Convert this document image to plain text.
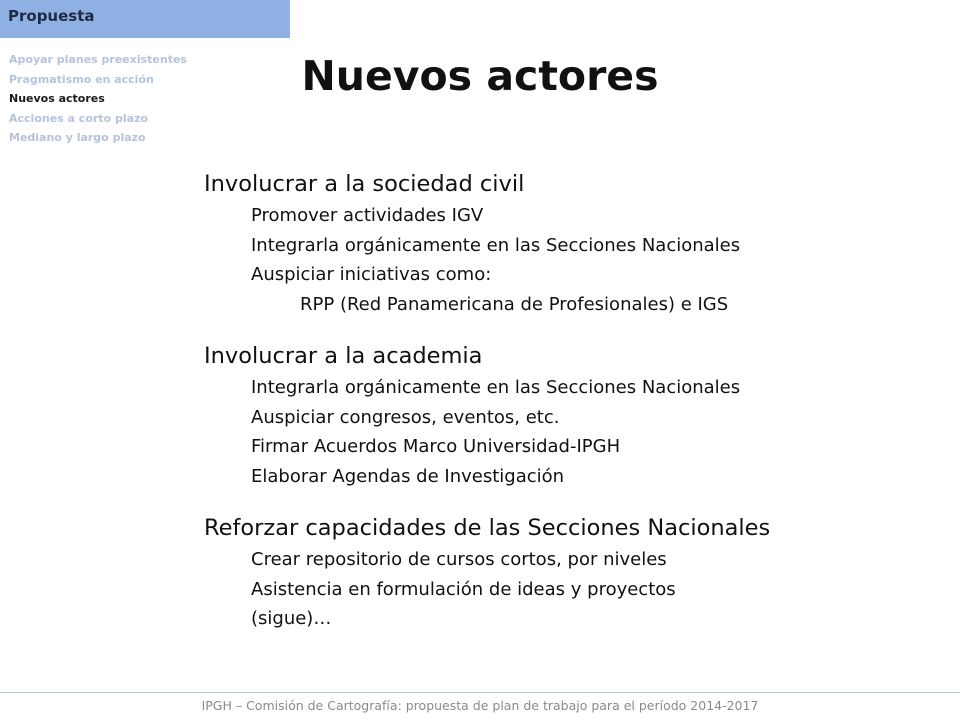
Propuesta
Apoyar planes preexistentes
Pragmatismo en acción
Nuevos actores
Acciones a corto plazo
Mediano y largo plazo
Nuevos actores
Involucrar a la sociedad civil
Promover actividades IGV
Integrarla orgánicamente en las Secciones Nacionales
Auspiciar iniciativas como:
RPP (Red Panamericana de Profesionales) e IGS
Involucrar a la academia
Integrarla orgánicamente en las Secciones Nacionales
Auspiciar congresos, eventos, etc.
Firmar Acuerdos Marco Universidad-IPGH
Elaborar Agendas de Investigación
Reforzar capacidades de las Secciones Nacionales
Crear repositorio de cursos cortos, por niveles
Asistencia en formulación de ideas y proyectos
(sigue)…
IPGH – Comisión de Cartografía: propuesta de plan de trabajo para el período 2014-2017
